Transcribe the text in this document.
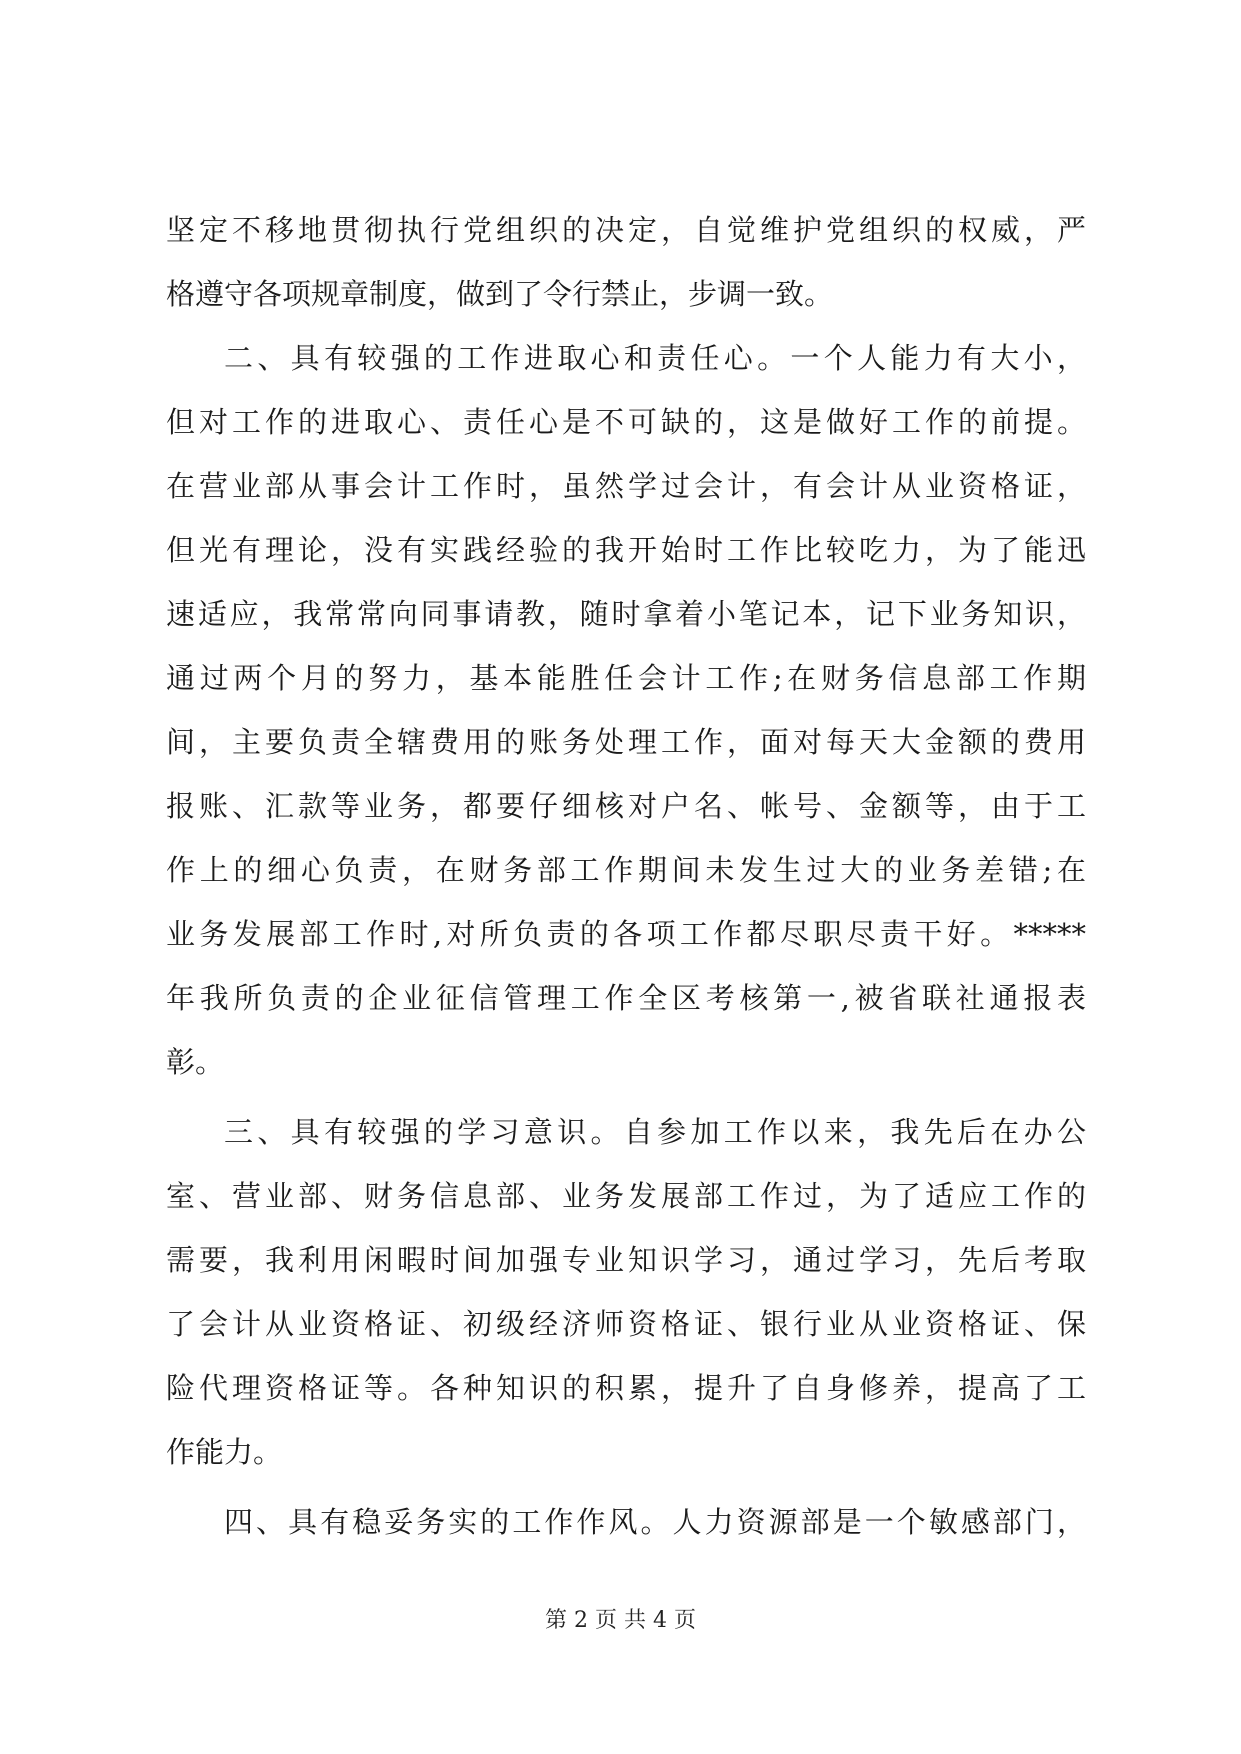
坚定不移地贯彻执行党组织的决定，自觉维护党组织的权威，严
格遵守各项规章制度，做到了令行禁止，步调一致。
二、具有较强的工作进取心和责任心。一个人能力有大小，
但对工作的进取心、责任心是不可缺的，这是做好工作的前提。
在营业部从事会计工作时，虽然学过会计，有会计从业资格证，
但光有理论，没有实践经验的我开始时工作比较吃力，为了能迅
速适应，我常常向同事请教，随时拿着小笔记本，记下业务知识，
通过两个月的努力，基本能胜任会计工作;在财务信息部工作期
间，主要负责全辖费用的账务处理工作，面对每天大金额的费用
报账、汇款等业务，都要仔细核对户名、帐号、金额等，由于工
作上的细心负责，在财务部工作期间未发生过大的业务差错;在
业务发展部工作时,对所负责的各项工作都尽职尽责干好。*****
年我所负责的企业征信管理工作全区考核第一,被省联社通报表
彰。
三、具有较强的学习意识。自参加工作以来，我先后在办公
室、营业部、财务信息部、业务发展部工作过，为了适应工作的
需要，我利用闲暇时间加强专业知识学习，通过学习，先后考取
了会计从业资格证、初级经济师资格证、银行业从业资格证、保
险代理资格证等。各种知识的积累，提升了自身修养，提高了工
作能力。
四、具有稳妥务实的工作作风。人力资源部是一个敏感部门，
第 2 页 共 4 页
